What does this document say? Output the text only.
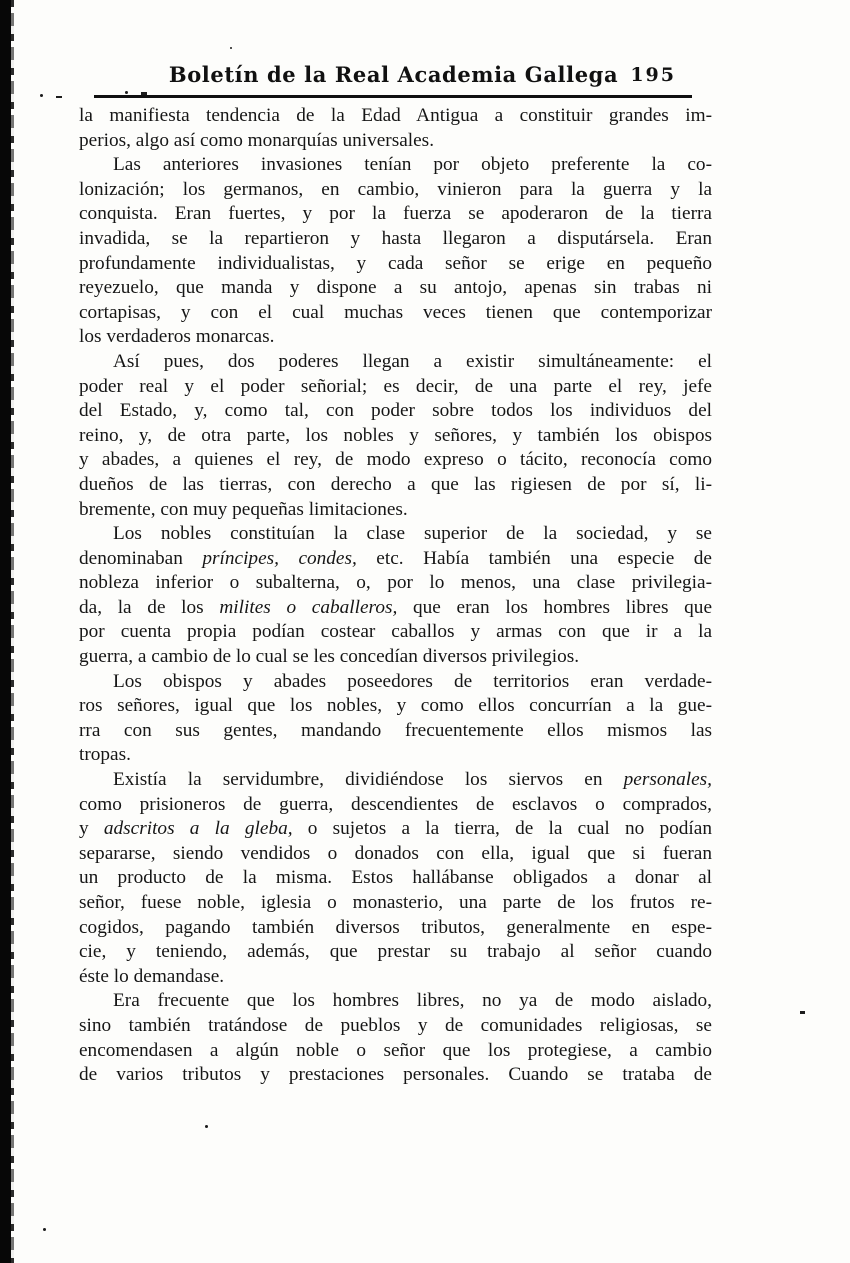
Boletín de la Real Academia Gallega 195
la manifiesta tendencia de la Edad Antigua a constituir grandes im-
perios, algo así como monarquías universales.
Las anteriores invasiones tenían por objeto preferente la co-
lonización; los germanos, en cambio, vinieron para la guerra y la
conquista. Eran fuertes, y por la fuerza se apoderaron de la tierra
invadida, se la repartieron y hasta llegaron a disputársela. Eran
profundamente individualistas, y cada señor se erige en pequeño
reyezuelo, que manda y dispone a su antojo, apenas sin trabas ni
cortapisas, y con el cual muchas veces tienen que contemporizar
los verdaderos monarcas.
Así pues, dos poderes llegan a existir simultáneamente: el
poder real y el poder señorial; es decir, de una parte el rey, jefe
del Estado, y, como tal, con poder sobre todos los individuos del
reino, y, de otra parte, los nobles y señores, y también los obispos
y abades, a quienes el rey, de modo expreso o tácito, reconocía como
dueños de las tierras, con derecho a que las rigiesen de por sí, li-
bremente, con muy pequeñas limitaciones.
Los nobles constituían la clase superior de la sociedad, y se
denominaban príncipes, condes, etc. Había también una especie de
nobleza inferior o subalterna, o, por lo menos, una clase privilegia-
da, la de los milites o caballeros, que eran los hombres libres que
por cuenta propia podían costear caballos y armas con que ir a la
guerra, a cambio de lo cual se les concedían diversos privilegios.
Los obispos y abades poseedores de territorios eran verdade-
ros señores, igual que los nobles, y como ellos concurrían a la gue-
rra con sus gentes, mandando frecuentemente ellos mismos las
tropas.
Existía la servidumbre, dividiéndose los siervos en personales,
como prisioneros de guerra, descendientes de esclavos o comprados,
y adscritos a la gleba, o sujetos a la tierra, de la cual no podían
separarse, siendo vendidos o donados con ella, igual que si fueran
un producto de la misma. Estos hallábanse obligados a donar al
señor, fuese noble, iglesia o monasterio, una parte de los frutos re-
cogidos, pagando también diversos tributos, generalmente en espe-
cie, y teniendo, además, que prestar su trabajo al señor cuando
éste lo demandase.
Era frecuente que los hombres libres, no ya de modo aislado,
sino también tratándose de pueblos y de comunidades religiosas, se
encomendasen a algún noble o señor que los protegiese, a cambio
de varios tributos y prestaciones personales. Cuando se trataba de
